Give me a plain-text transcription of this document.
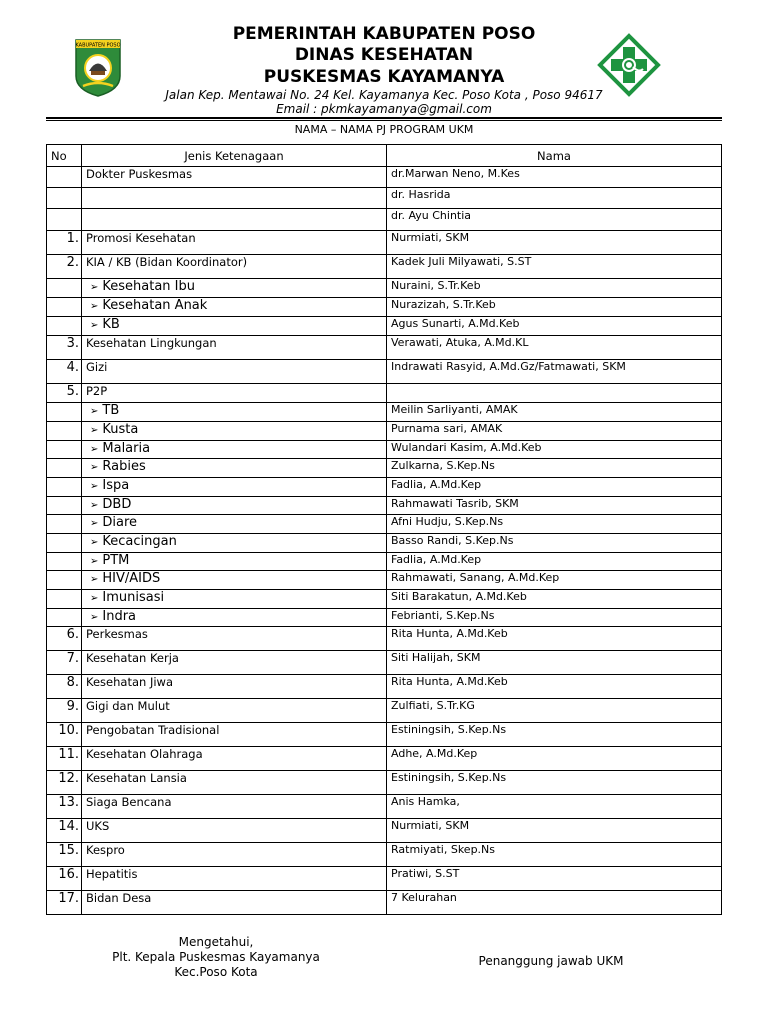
KABUPATEN POSO
PEMERINTAH KABUPATEN POSO
DINAS KESEHATAN
PUSKESMAS KAYAMANYA
Jalan Kep. Mentawai No. 24 Kel. Kayamanya Kec. Poso Kota , Poso 94617
Email : pkmkayamanya@gmail.com
NAMA – NAMA PJ PROGRAM UKM
No	Jenis Ketenagaan	Nama
	Dokter Puskesmas	dr.Marwan Neno, M.Kes
		dr. Hasrida
		dr. Ayu Chintia
1.	Promosi Kesehatan	Nurmiati, SKM
2.	KIA / KB (Bidan Koordinator)	Kadek Juli Milyawati, S.ST
	➢ Kesehatan Ibu	Nuraini, S.Tr.Keb
	➢ Kesehatan Anak	Nurazizah, S.Tr.Keb
	➢ KB	Agus Sunarti, A.Md.Keb
3.	Kesehatan Lingkungan	Verawati, Atuka, A.Md.KL
4.	Gizi	Indrawati Rasyid, A.Md.Gz/Fatmawati, SKM
5.	P2P	
	➢ TB	Meilin Sarliyanti, AMAK
	➢ Kusta	Purnama sari, AMAK
	➢ Malaria	Wulandari Kasim, A.Md.Keb
	➢ Rabies	Zulkarna, S.Kep.Ns
	➢ Ispa	Fadlia, A.Md.Kep
	➢ DBD	Rahmawati Tasrib, SKM
	➢ Diare	Afni Hudju, S.Kep.Ns
	➢ Kecacingan	Basso Randi, S.Kep.Ns
	➢ PTM	Fadlia, A.Md.Kep
	➢ HIV/AIDS	Rahmawati, Sanang, A.Md.Kep
	➢ Imunisasi	Siti Barakatun, A.Md.Keb
	➢ Indra	Febrianti, S.Kep.Ns
6.	Perkesmas	Rita Hunta, A.Md.Keb
7.	Kesehatan Kerja	Siti Halijah, SKM
8.	Kesehatan Jiwa	Rita Hunta, A.Md.Keb
9.	Gigi dan Mulut	Zulfiati, S.Tr.KG
10.	Pengobatan Tradisional	Estiningsih, S.Kep.Ns
11.	Kesehatan Olahraga	Adhe, A.Md.Kep
12.	Kesehatan Lansia	Estiningsih, S.Kep.Ns
13.	Siaga Bencana	Anis Hamka,
14.	UKS	Nurmiati, SKM
15.	Kespro	Ratmiyati, Skep.Ns
16.	Hepatitis	Pratiwi, S.ST
17.	Bidan Desa	7 Kelurahan
Mengetahui,
Plt. Kepala Puskesmas Kayamanya
Kec.Poso Kota
Penanggung jawab UKM
